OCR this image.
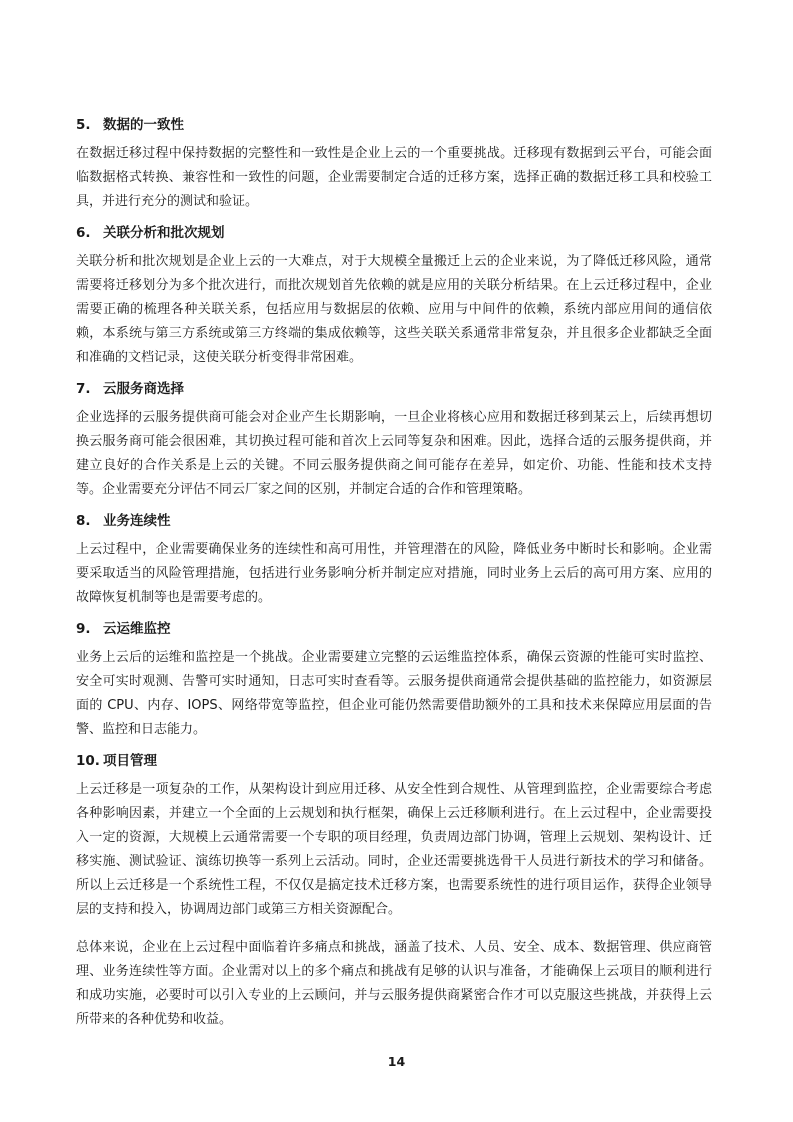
5. 数据的一致性

在数据迁移过程中保持数据的完整性和一致性是企业上云的一个重要挑战。迁移现有数据到云平台，可能会面临数据格式转换、兼容性和一致性的问题，企业需要制定合适的迁移方案，选择正确的数据迁移工具和校验工具，并进行充分的测试和验证。

6. 关联分析和批次规划

关联分析和批次规划是企业上云的一大难点，对于大规模全量搬迁上云的企业来说，为了降低迁移风险，通常需要将迁移划分为多个批次进行，而批次规划首先依赖的就是应用的关联分析结果。在上云迁移过程中，企业需要正确的梳理各种关联关系，包括应用与数据层的依赖、应用与中间件的依赖，系统内部应用间的通信依赖，本系统与第三方系统或第三方终端的集成依赖等，这些关联关系通常非常复杂，并且很多企业都缺乏全面和准确的文档记录，这使关联分析变得非常困难。

7. 云服务商选择

企业选择的云服务提供商可能会对企业产生长期影响，一旦企业将核心应用和数据迁移到某云上，后续再想切换云服务商可能会很困难，其切换过程可能和首次上云同等复杂和困难。因此，选择合适的云服务提供商，并建立良好的合作关系是上云的关键。不同云服务提供商之间可能存在差异，如定价、功能、性能和技术支持等。企业需要充分评估不同云厂家之间的区别，并制定合适的合作和管理策略。

8. 业务连续性

上云过程中，企业需要确保业务的连续性和高可用性，并管理潜在的风险，降低业务中断时长和影响。企业需要采取适当的风险管理措施，包括进行业务影响分析并制定应对措施，同时业务上云后的高可用方案、应用的故障恢复机制等也是需要考虑的。

9. 云运维监控

业务上云后的运维和监控是一个挑战。企业需要建立完整的云运维监控体系，确保云资源的性能可实时监控、安全可实时观测、告警可实时通知，日志可实时查看等。云服务提供商通常会提供基础的监控能力，如资源层面的 CPU、内存、IOPS、网络带宽等监控，但企业可能仍然需要借助额外的工具和技术来保障应用层面的告警、监控和日志能力。

10. 项目管理

上云迁移是一项复杂的工作，从架构设计到应用迁移、从安全性到合规性、从管理到监控，企业需要综合考虑各种影响因素，并建立一个全面的上云规划和执行框架，确保上云迁移顺利进行。在上云过程中，企业需要投入一定的资源，大规模上云通常需要一个专职的项目经理，负责周边部门协调，管理上云规划、架构设计、迁移实施、测试验证、演练切换等一系列上云活动。同时，企业还需要挑选骨干人员进行新技术的学习和储备。所以上云迁移是一个系统性工程，不仅仅是搞定技术迁移方案，也需要系统性的进行项目运作，获得企业领导层的支持和投入，协调周边部门或第三方相关资源配合。

总体来说，企业在上云过程中面临着许多痛点和挑战，涵盖了技术、人员、安全、成本、数据管理、供应商管理、业务连续性等方面。企业需对以上的多个痛点和挑战有足够的认识与准备，才能确保上云项目的顺利进行和成功实施，必要时可以引入专业的上云顾问，并与云服务提供商紧密合作才可以克服这些挑战，并获得上云所带来的各种优势和收益。

14
